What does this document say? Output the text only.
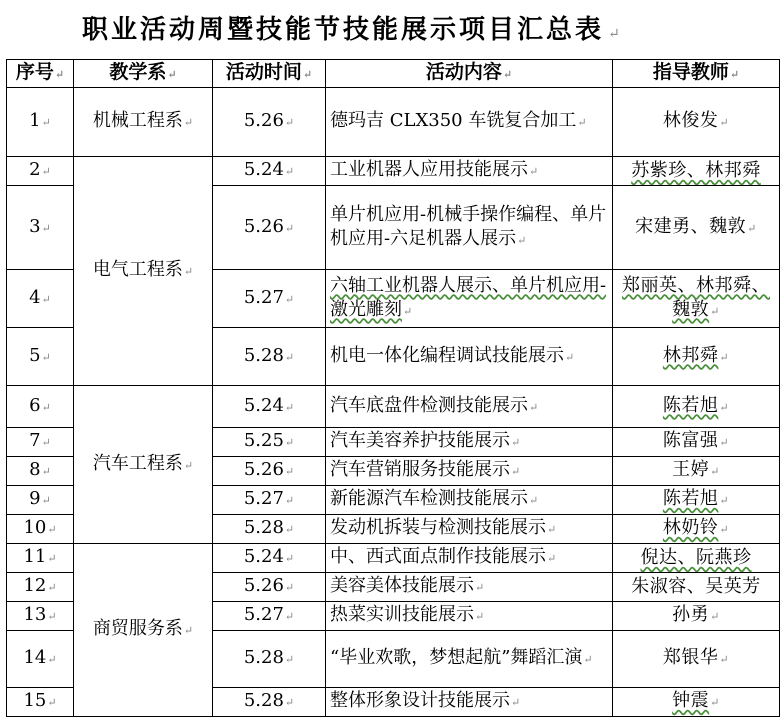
职业活动周暨技能节技能展示项目汇总表 ↵
序号↵	教学系↵	活动时间↵	活动内容↵	指导教师↵
1↵	机械工程系↵	5.26↵	德玛吉 CLX350 车铣复合加工↵	林俊发↵
2↵	电气工程系↵	5.24↵	工业机器人应用技能展示↵	苏紫珍、林邦舜
3↵		5.26↵	单片机应用-机械手操作编程、单片机应用-六足机器人展示↵	宋建勇、魏敦↵
4↵		5.27↵	六轴工业机器人展示、单片机应用-激光雕刻↵	郑丽英、林邦舜、魏敦↵
5↵		5.28↵	机电一体化编程调试技能展示↵	林邦舜↵
6↵	汽车工程系↵	5.24↵	汽车底盘件检测技能展示↵	陈若旭↵
7↵		5.25↵	汽车美容养护技能展示↵	陈富强↵
8↵		5.26↵	汽车营销服务技能展示↵	王婷↵
9↵		5.27↵	新能源汽车检测技能展示↵	陈若旭↵
10↵		5.28↵	发动机拆装与检测技能展示↵	林奶铃↵
11↵	商贸服务系↵	5.24↵	中、西式面点制作技能展示↵	倪达、阮燕珍
12↵		5.26↵	美容美体技能展示↵	朱淑容、吴英芳
13↵		5.27↵	热菜实训技能展示↵	孙勇↵
14↵		5.28↵	“毕业欢歌，梦想起航”舞蹈汇演↵	郑银华↵
15↵		5.28↵	整体形象设计技能展示↵	钟震↵
